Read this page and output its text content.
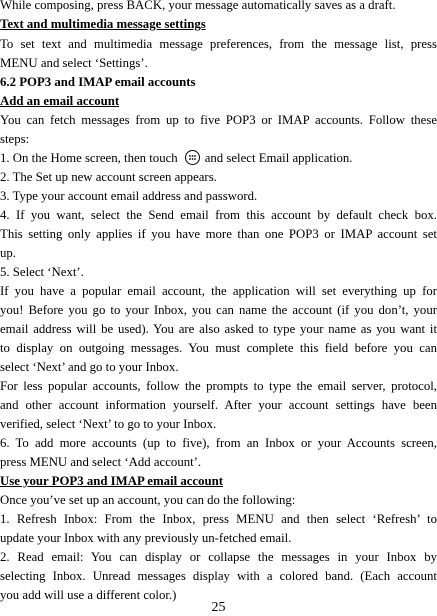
While composing, press BACK, your message automatically saves as a draft.

Text and multimedia message settings

To set text and multimedia message preferences, from the message list, press

MENU and select ‘Settings’.

6.2 POP3 and IMAP email accounts

Add an email account

You can fetch messages from up to five POP3 or IMAP accounts. Follow these

steps:

1. On the Home screen, then touch and select Email application.

2. The Set up new account screen appears.

3. Type your account email address and password.

4. If you want, select the Send email from this account by default check box.

This setting only applies if you have more than one POP3 or IMAP account set

up.

5. Select ‘Next’.

If you have a popular email account, the application will set everything up for

you! Before you go to your Inbox, you can name the account (if you don’t, your

email address will be used). You are also asked to type your name as you want it

to display on outgoing messages. You must complete this field before you can

select ‘Next’ and go to your Inbox.

For less popular accounts, follow the prompts to type the email server, protocol,

and other account information yourself. After your account settings have been

verified, select ‘Next’ to go to your Inbox.

6. To add more accounts (up to five), from an Inbox or your Accounts screen,

press MENU and select ‘Add account’.

Use your POP3 and IMAP email account

Once you’ve set up an account, you can do the following:

1. Refresh Inbox: From the Inbox, press MENU and then select ‘Refresh’ to

update your Inbox with any previously un-fetched email.

2. Read email: You can display or collapse the messages in your Inbox by

selecting Inbox. Unread messages display with a colored band. (Each account

you add will use a different color.)

25
